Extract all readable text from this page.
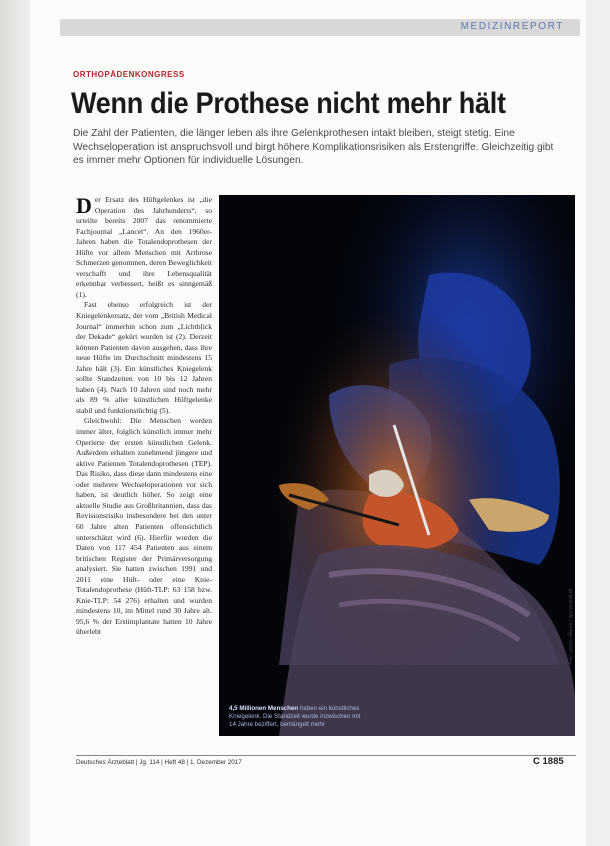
MEDIZINREPORT
ORTHOPÄDENKONGRESS
Wenn die Prothese nicht mehr hält

Die Zahl der Patienten, die länger leben als ihre Gelenkprothesen intakt bleiben, steigt stetig. Eine Wechseloperation ist anspruchsvoll und birgt höhere Komplikationsrisiken als Erstengriffe. Gleichzeitig gibt es immer mehr Optionen für individuelle Lösungen.

Der Ersatz des Hüftgelenkes ist „die Operation des Jahrhunderts“, so urteilte bereits 2007 das renommierte Fachjournal „Lancet“. An den 1960er-Jahren haben die Totalendoprothesen der Hüfte vor allem Menschen mit Arthrose Schmerzen genommen, deren Beweglichkeit verschafft und ihre Lebensqualität erkennbar verbessert, heißt es sinngemäß (1).

Fast ebenso erfolgreich ist der Kniegelenkersatz, der vom „British Medical Journal“ immerhin schon zum „Lichtblick der Dekade“ gekürt wurden ist (2). Derzeit können Patienten davon ausgehen, dass ihre neue Hüfte im Durchschnitt mindestens 15 Jahre hält (3). Ein künstliches Kniegelenk sollte Standzeiten von 10 bis 12 Jahren haben (4). Nach 10 Jahren sind noch mehr als 89 % aller künstlichen Hüftgelenke stabil und funktionstüchtig (5).

Gleichwohl: Die Menschen werden immer älter, folglich künstlich immer mehr Operierte der ersten künstlichen Gelenk. Außerdem erhalten zunehmend jüngere und aktive Patienten Totalendoprothesen (TEP). Das Risiko, dass diese dann mindestens eine oder mehrere Wechseloperationen vor sich haben, ist deutlich höher. So zeigt eine aktuelle Studie aus Großbritannien, dass das Revisionsrisiko insbesondere bei den unter 60 Jahre alten Patienten offensichtlich unterschätzt wird (6). Hierfür wurden die Daten von 117 454 Patienten aus einem britischen Register der Primärversorgung analysiert. Sie hatten zwischen 1991 und 2011 eine Hüft- oder eine Knie-Totalendoprothese (Hüft-TLP: 63 158 bzw. Knie-TLP: 54 276) erhalten und wurden mindestens 10, im Mittel rund 30 Jahre alt. 95,6 % der Erstimplantate hatten 10 Jahre überlebt

4,5 Millionen Menschen haben ein künstliches Kniegelenk. Die Standzeit wurde inzwischen mit 14 Jahre beziffert, bemängelt mehr
Foto: picture alliance / dpa-Zentralbild
Deutsches Ärzteblatt | Jg. 114 | Heft 48 | 1. Dezember 2017	C 1885
